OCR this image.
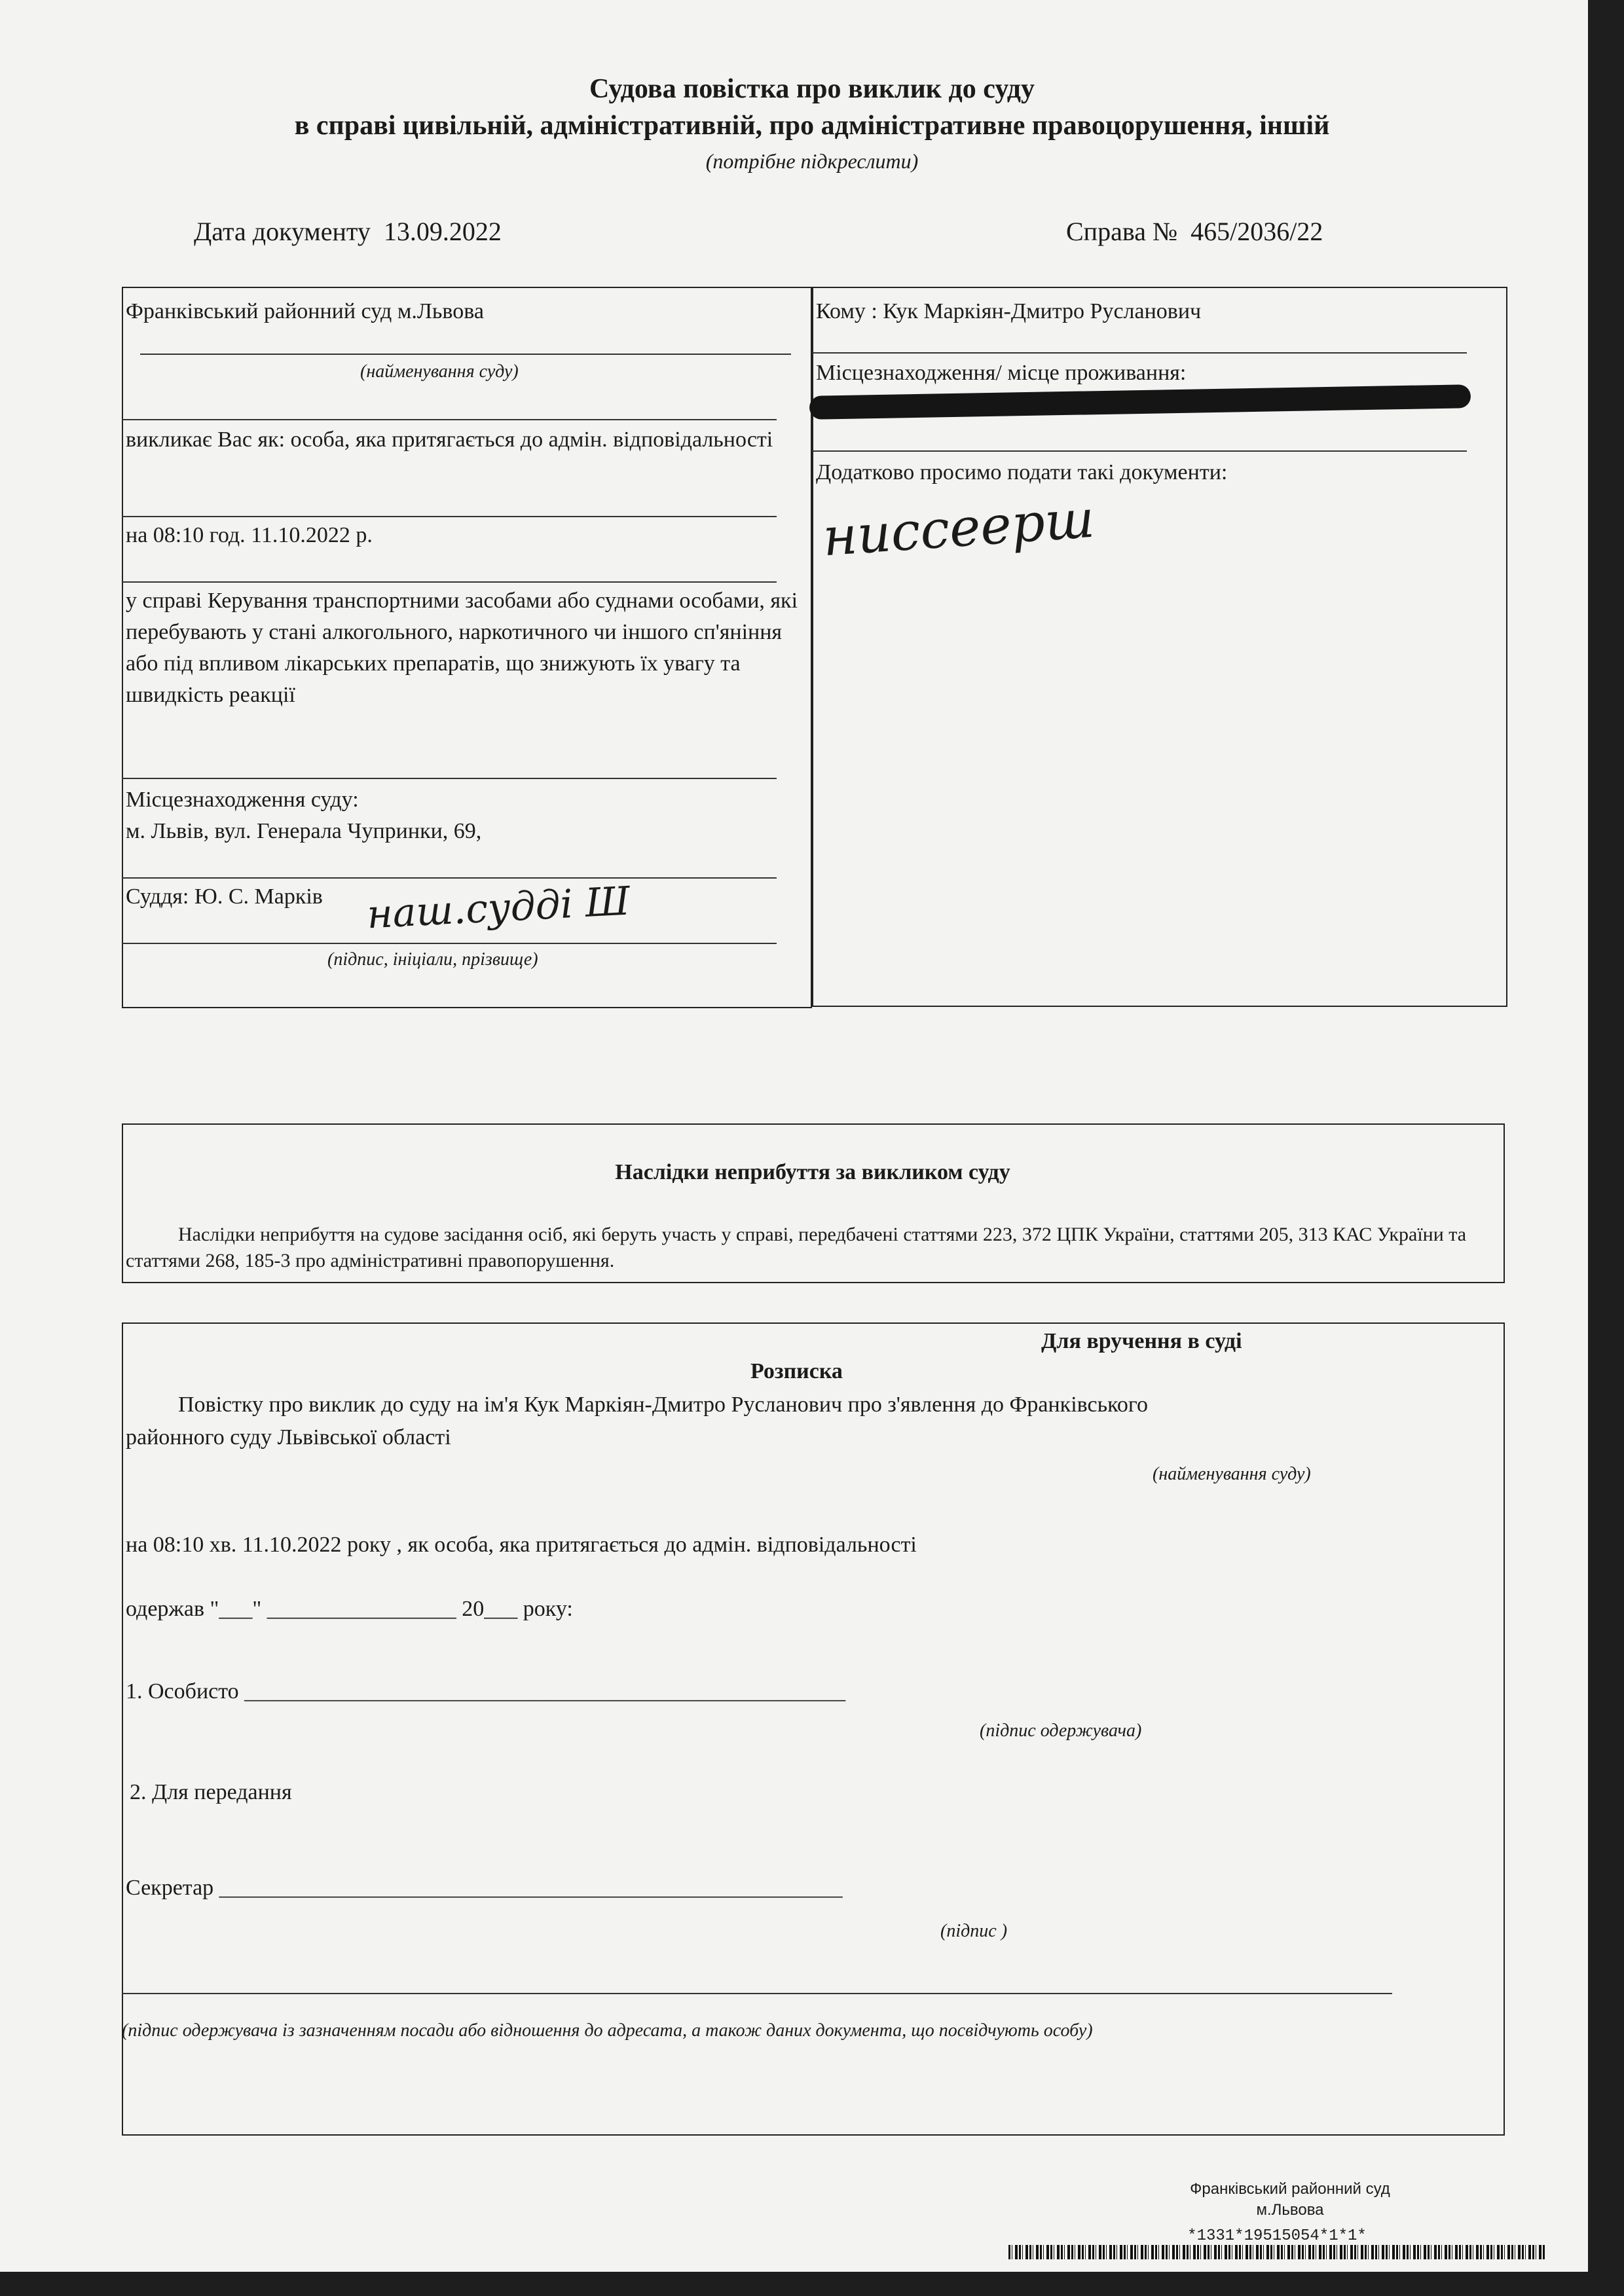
Судова повістка про виклик до суду
в справі цивільній, адміністративній, про адміністративне правоцорушення, іншій
(потрібне підкреслити)
Дата документу 13.09.2022	Справа № 465/2036/22
Франківський районний суд м.Львова
(найменування суду)
викликає Вас як: особа, яка притягається до адмін. відповідальності
на 08:10 год. 11.10.2022 р.
у справі Керування транспортними засобами або суднами особами, які перебувають у стані алкогольного, наркотичного чи іншого сп'яніння або під впливом лікарських препаратів, що знижують їх увагу та швидкість реакції
Місцезнаходження суду:
м. Львів, вул. Генерала Чупринки, 69,
Суддя: Ю. С. Марків наш.судді Ш
(підпис, ініціали, прізвище)
Кому : Кук Маркіян-Дмитро Русланович
Місцезнаходження/ місце проживання:
Додатково просимо подати такі документи:
ниссеерш
Наслідки неприбуття за викликом суду
Наслідки неприбуття на судове засідання осіб, які беруть участь у справі, передбачені статтями 223, 372 ЦПК України, статтями 205, 313 КАС України та статтями 268, 185-3 про адміністративні правопорушення.
Для вручення в суді
Розписка
Повістку про виклик до суду на ім'я Кук Маркіян-Дмитро Русланович про з'явлення до Франківського
районного суду Львівської області
(найменування суду)
на 08:10 хв. 11.10.2022 року , як особа, яка притягається до адмін. відповідальності
одержав "___" _________________ 20___ року:
1. Особисто ______________________________________________________
(підпис одержувача)
2. Для передання
Секретар ________________________________________________________
(підпис )
(підпис одержувача із зазначенням посади або відношення до адресата, а також даних документа, що посвідчують особу)
Франківський районний суд
м.Львова
*1331*19515054*1*1*
